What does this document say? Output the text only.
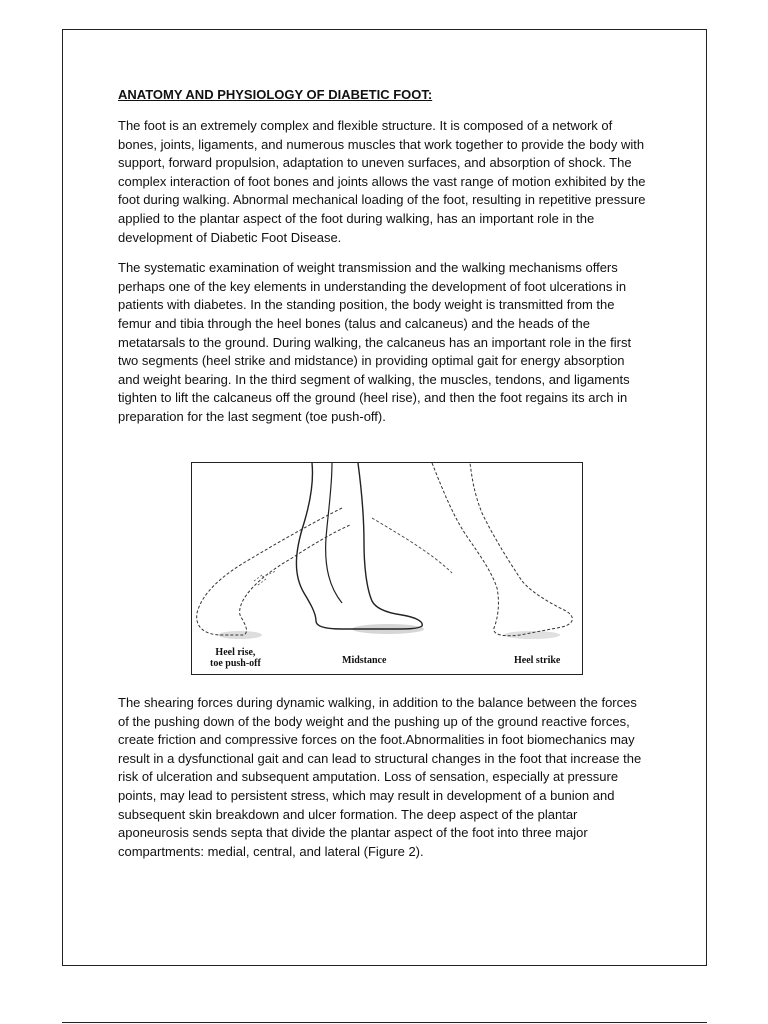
ANATOMY AND PHYSIOLOGY OF DIABETIC FOOT:

The foot is an extremely complex and flexible structure. It is composed of a network of bones, joints, ligaments, and numerous muscles that work together to provide the body with support, forward propulsion, adaptation to uneven surfaces, and absorption of shock. The complex interaction of foot bones and joints allows the vast range of motion exhibited by the foot during walking. Abnormal mechanical loading of the foot, resulting in repetitive pressure applied to the plantar aspect of the foot during walking, has an important role in the development of Diabetic Foot Disease.

The systematic examination of weight transmission and the walking mechanisms offers perhaps one of the key elements in understanding the development of foot ulcerations in patients with diabetes. In the standing position, the body weight is transmitted from the femur and tibia through the heel bones (talus and calcaneus) and the heads of the metatarsals to the ground. During walking, the calcaneus has an important role in the first two segments (heel strike and midstance) in providing optimal gait for energy absorption and weight bearing. In the third segment of walking, the muscles, tendons, and ligaments tighten to lift the calcaneus off the ground (heel rise), and then the foot regains its arch in preparation for the last segment (toe push-off).

Heel rise,
toe push-off	Midstance	Heel strike

The shearing forces during dynamic walking, in addition to the balance between the forces of the pushing down of the body weight and the pushing up of the ground reactive forces, create friction and compressive forces on the foot.Abnormalities in foot biomechanics may result in a dysfunctional gait and can lead to structural changes in the foot that increase the risk of ulceration and subsequent amputation. Loss of sensation, especially at pressure points, may lead to persistent stress, which may result in development of a bunion and subsequent skin breakdown and ulcer formation. The deep aspect of the plantar aponeurosis sends septa that divide the plantar aspect of the foot into three major compartments: medial, central, and lateral (Figure 2).
